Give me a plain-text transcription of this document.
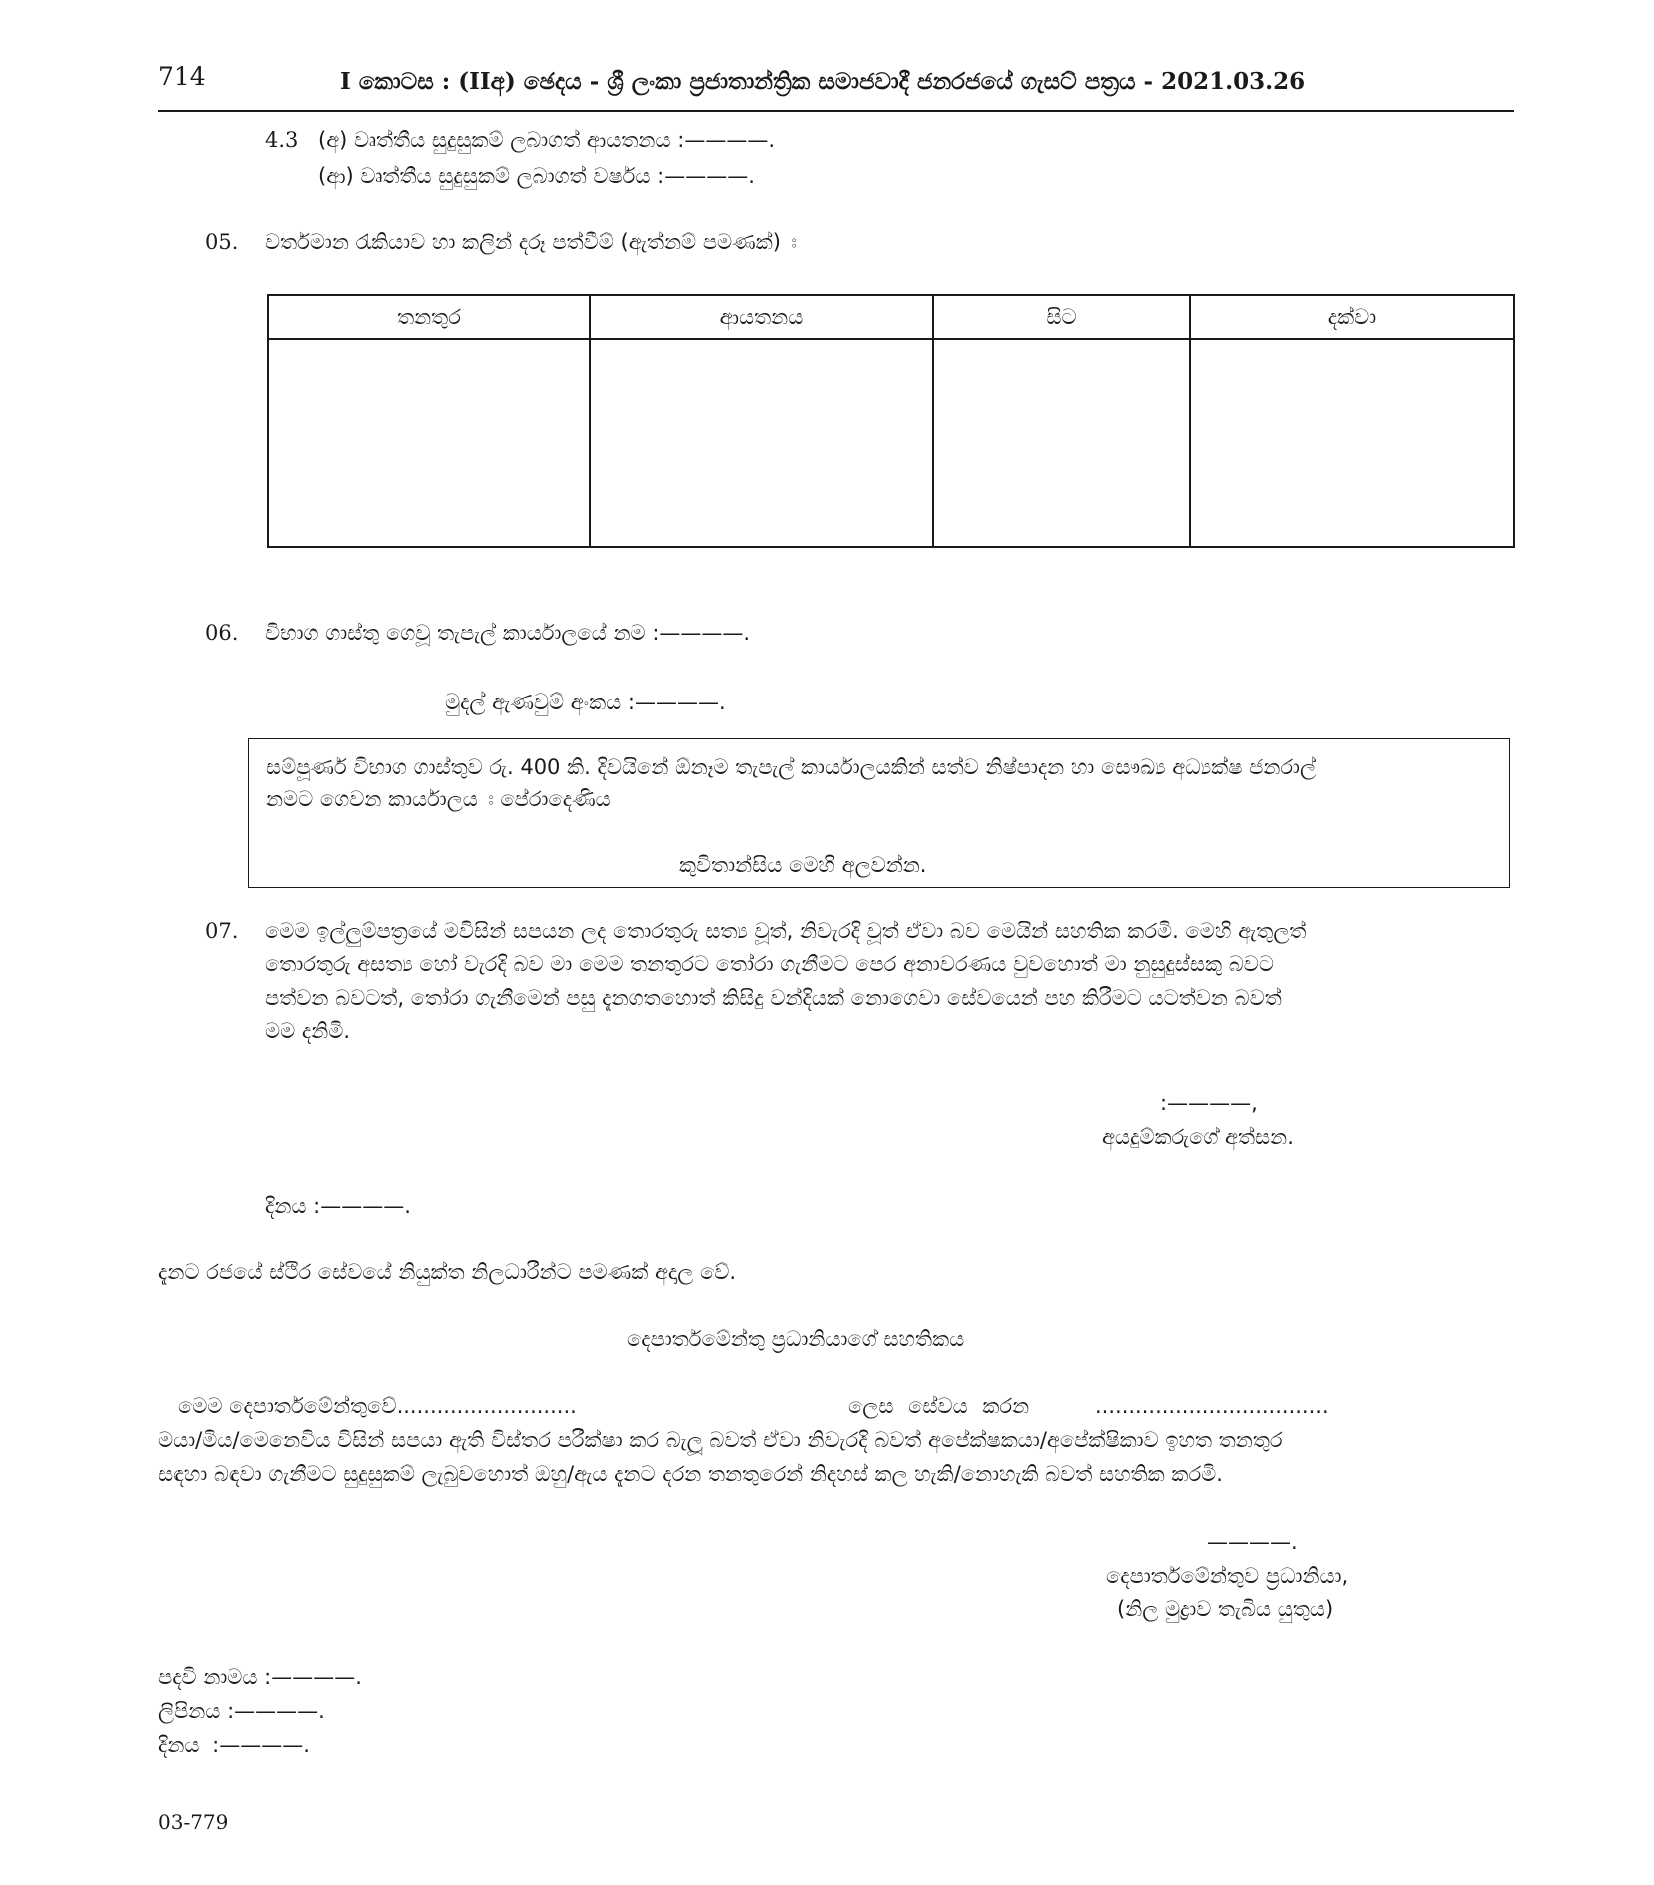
714	I කොටස : (IIඅ) ඡෙදය - ශ්‍රී ලංකා ප්‍රජාතාන්ත්‍රික සමාජවාදී ජනරජයේ ගැසට් පත්‍රය - 2021.03.26
4.3 (අ) වෘත්තීය සුදුසුකම් ලබාගත් ආයතනය :————.
(ආ) වෘත්තීය සුදුසුකම් ලබාගත් වර්ෂය :————.
05. වර්තමාන රැකියාව හා කලින් දරූ පත්වීම් (ඇත්නම් පමණක්) ඃ
තනතුර	ආයතනය	සිට	දක්වා

06. විභාග ගාස්තු ගෙවූ තැපැල් කාර්යාලයේ නම :————.
මුදල් ඇණවුම් අංකය :————.
සම්පූර්ණ විභාග ගාස්තුව රු. 400 කි. දිවයිනේ ඕනෑම තැපැල් කාර්යාලයකින් සත්ව නිෂ්පාදන හා සෞඛ්‍ය අධ්‍යක්ෂ ජනරාල්
නමට ගෙවන කාර්යාලය ඃ පේරාදෙණිය
කුවිතාන්සිය මෙහි අලවන්න.
07. මෙම ඉල්ලුම්පත්‍රයේ මවිසින් සපයන ලද තොරතුරු සත්‍ය වූත්, නිවැරදි වූත් ඒවා බව මෙයින් සහතික කරමි. මෙහි ඇතුලත්
තොරතුරු අසත්‍ය හෝ වැරදි බව මා මෙම තනතුරට තෝරා ගැනීමට පෙර අනාවරණය වුවහොත් මා නුසුදුස්සකු බවට
පත්වන බවටත්, තෝරා ගැනීමෙන් පසු දැනගතහොත් කිසිදු වන්දියක් නොගෙවා සේවයෙන් පහ කිරීමට යටත්වන බවත්
මම දනිමි.
:————,
අයදුම්කරුගේ අත්සන.
දිනය :————.
දැනට රජයේ ස්ථිර සේවයේ නියුක්ත නිලධාරීන්ට පමණක් අදාල වේ.
දෙපාර්තමේන්තු ප්‍රධානියාගේ සහතිකය
මෙම දෙපාර්තමේන්තුවේ...........................	ලෙස සේවය කරන	...................................
මයා/මිය/මෙනෙවිය විසින් සපයා ඇති විස්තර පරීක්ෂා කර බැලූ බවත් ඒවා නිවැරදි බවත් අපේක්ෂකයා/අපේක්ෂිකාව ඉහත තනතුර
සඳහා බඳවා ගැනීමට සුදුසුකම් ලැබුවහොත් ඔහු/ඇය දැනට දරන තනතුරෙන් නිදහස් කල හැකි/නොහැකි බවත් සහතික කරමි.
————.
දෙපාර්තමේන්තුව ප්‍රධානියා,
(නිල මුද්‍රාව තැබිය යුතුය)
පදවි නාමය :————.
ලිපිනය :————.
දිනය :————.
03-779
